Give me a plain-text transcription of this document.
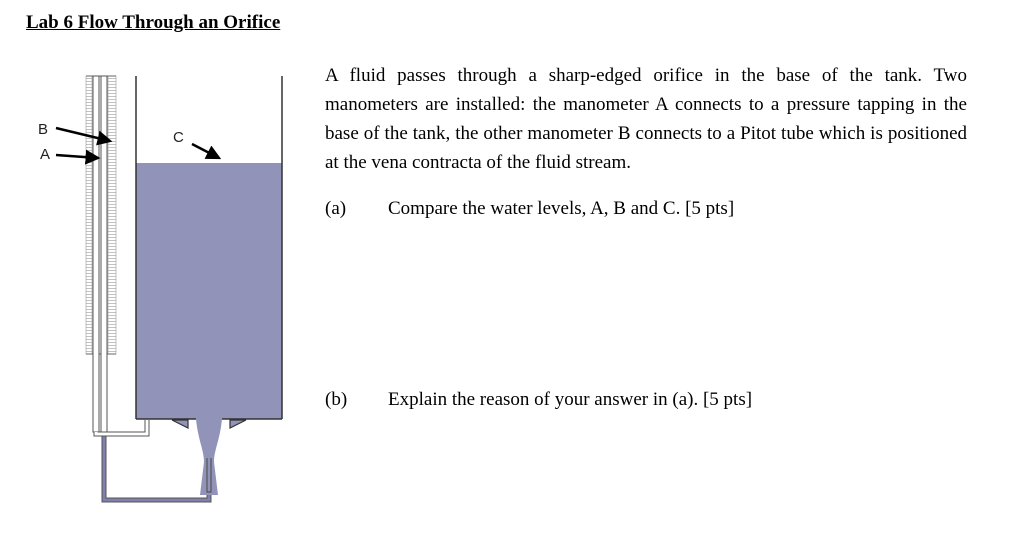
Lab 6 Flow Through an Orifice

A fluid passes through a sharp-edged orifice in the base of the tank. Two manometers are installed: the manometer A connects to a pressure tapping in the base of the tank, the other manometer B connects to a Pitot tube which is positioned at the vena contracta of the fluid stream.

(a) Compare the water levels, A, B and C. [5 pts]
(b) Explain the reason of your answer in (a). [5 pts]
B
A
C
